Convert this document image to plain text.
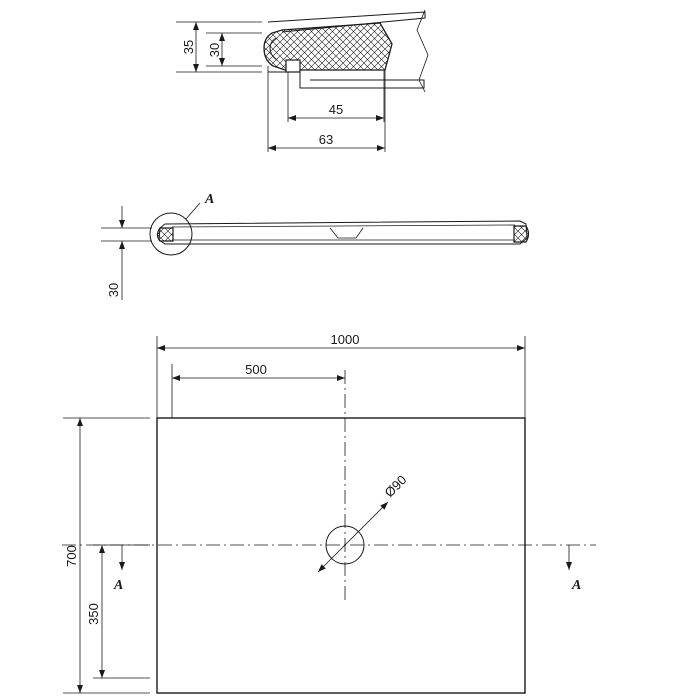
35 30
45
63
A
30
Ø90
1000
500
700
350
A	A
